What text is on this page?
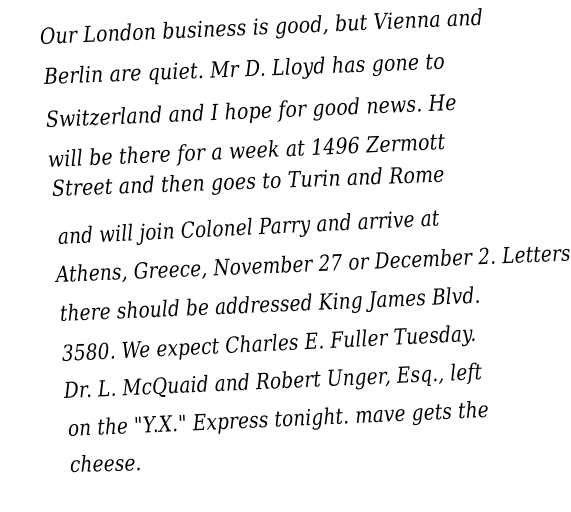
Our London business is good, but Vienna and
Berlin are quiet. Mr D. Lloyd has gone to
Switzerland and I hope for good news. He
will be there for a week at 1496 Zermott
Street and then goes to Turin and Rome
and will join Colonel Parry and arrive at
Athens, Greece, November 27 or December 2. Letters
there should be addressed King James Blvd.
3580. We expect Charles E. Fuller Tuesday.
Dr. L. McQuaid and Robert Unger, Esq., left
on the "Y.X." Express tonight. mave gets the
cheese.
